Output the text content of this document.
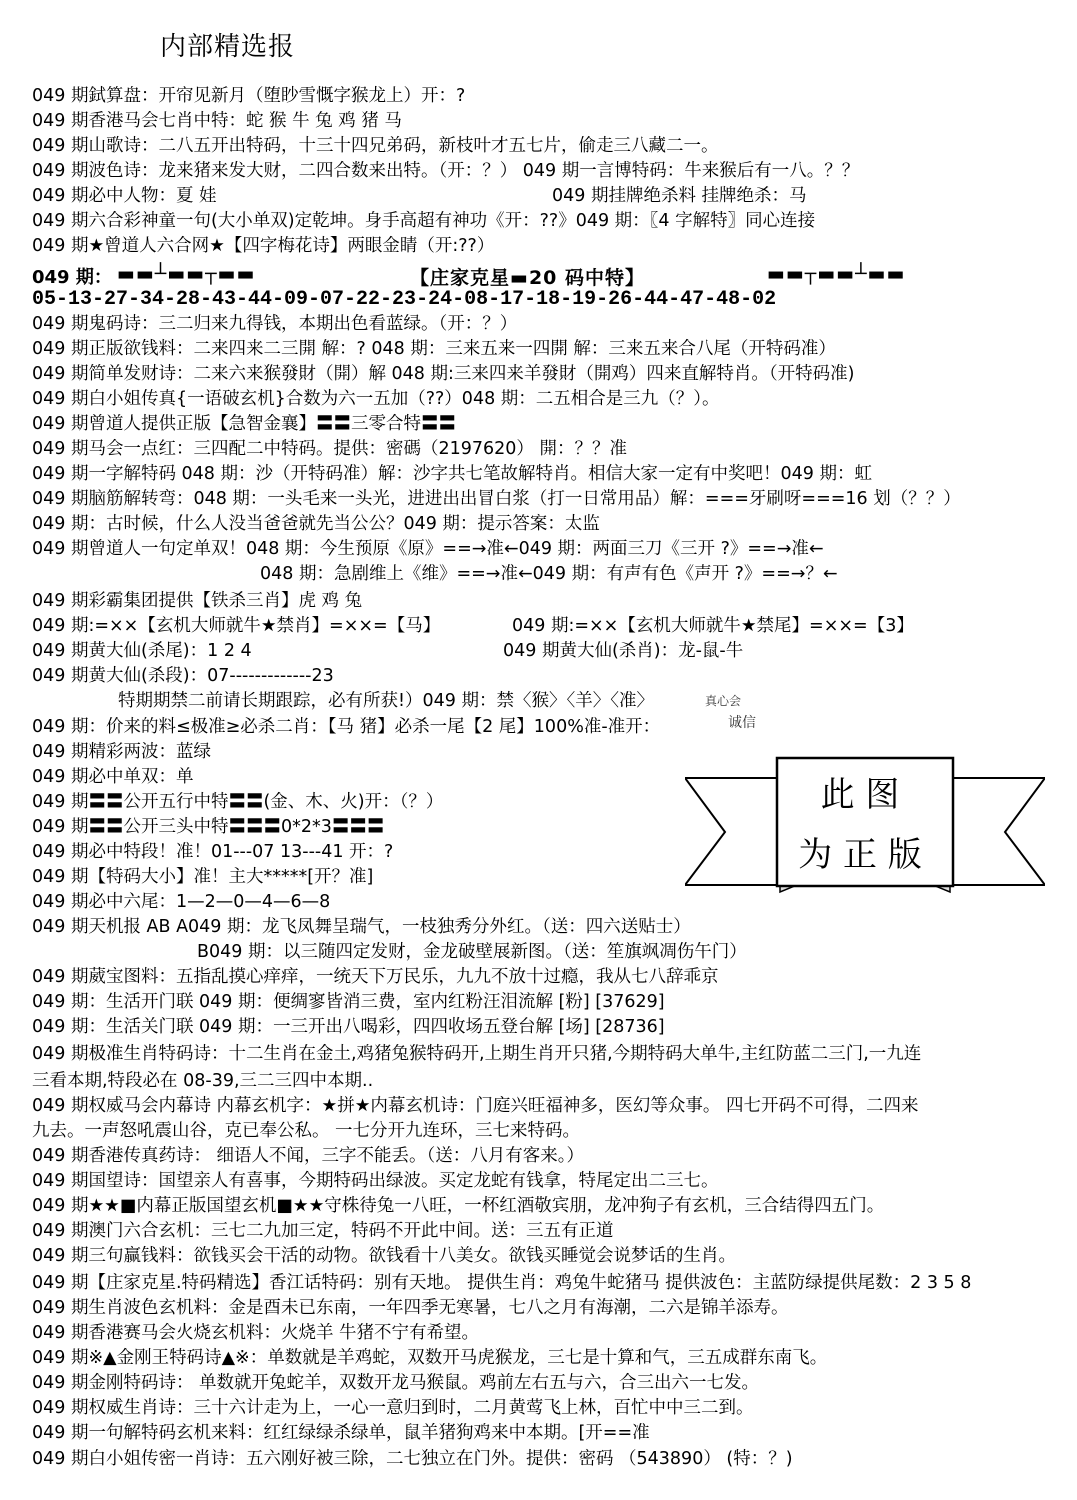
内部精选报
049 期鉽算盘：开帘见新月（堕眇雪慨字猴龙上）开：?
049 期香港马会七肖中特：蛇 猴 牛 兔 鸡 猪 马
049 期山歌诗：二八五开出特码，十三十四兄弟码，新枝叶才五七片，偷走三八藏二一。
049 期波色诗：龙来猪来发大财，二四合数来出特。（开：？） 049 期一言博特码：牛来猴后有一八。？？
049 期必中人物：夏 娃	049 期挂牌绝杀料 挂牌绝杀：马
049 期六合彩神童一句(大小单双)定乾坤。身手高超有神功《开：??》049 期：〖4 字解特〗同心连接
049 期★曾道人六合网★【四字梅花诗】两眼金睛（开:??）
049 期： ▬▬┴▬▬┬▬▬	【庄家克星▬20 码中特】	▬▬┬▬▬┴▬▬
05-13-27-34-28-43-44-09-07-22-23-24-08-17-18-19-26-44-47-48-02
049 期鬼码诗：三二归来九得钱，本期出色看蓝绿。（开：？）
049 期正版欲钱料：二来四来二三開 解：? 048 期：三来五来一四開 解：三来五来合八尾（开特码准）
049 期简单发财诗：二来六来猴發財（開）解 048 期:三来四来羊發財（開鸡）四来直解特肖。（开特码准)
049 期白小姐传真{一语破玄机}合数为六一五加（??）048 期：二五相合是三九（？）。
049 期曾道人提供正版【急智金襄】〓〓三零合特〓〓
049 期马会一点红：三四配二中特码。提供：密碼（2197620） 開：？？准
049 期一字解特码 048 期：沙（开特码准）解：沙字共七笔故解特肖。相信大家一定有中奖吧！049 期：虹
049 期脑筋解转弯：048 期：一头毛来一头光，进进出出冒白浆（打一日常用品）解：===牙刷呀===16 划（？？）
049 期：古时候，什么人没当爸爸就先当公公？049 期：提示答案：太监
049 期曾道人一句定单双！048 期：今生预原《原》==→准←049 期：两面三刀《三开 ?》==→准←
048 期：急剧维上《维》==→准←049 期：有声有色《声开 ?》==→？←
049 期彩霸集团提供【铁杀三肖】虎 鸡 兔
049 期:=××【玄机大师就牛★禁肖】=××=【马】	049 期:=××【玄机大师就牛★禁尾】=××=【3】
049 期黄大仙(杀尾)：1 2 4	049 期黄大仙(杀肖)：龙-鼠-牛
049 期黄大仙(杀段)：07-------------23
特期期禁二前请长期跟踪，必有所获!）049 期：禁〈猴〉〈羊〉〈准〉	真心会
诚信
049 期：价来的料≤极准≥必杀二肖：【马 猪】必杀一尾【2 尾】100%准-准开：
049 期精彩两波：蓝绿
049 期必中单双：单
049 期〓〓公开五行中特〓〓(金、木、火)开：（？）
049 期〓〓公开三头中特〓〓〓0*2*3〓〓〓
049 期必中特段！准！01---07 13---41 开：?
049 期【特码大小】准！主大*****[开？准]
049 期必中六尾：1—2—0—4—6—8
049 期天机报 AB A049 期：龙飞凤舞呈瑞气，一枝独秀分外红。（送：四六送贴士）
B049 期：以三随四定发财，金龙破壁展新图。（送：笙旗飒凋伤午门）
049 期葳宝图料：五指乱摸心痒痒，一统天下万民乐，九九不放十过瘾，我从七八辞乖京
049 期：生活开门联 049 期：便绸寥皆消三费，室内红粉汪泪流解 [粉] [37629]
049 期：生活关门联 049 期：一三开出八喝彩，四四收场五登台解 [场] [28736]
049 期极准生肖特码诗：十二生肖在金土,鸡猪兔猴特码开,上期生肖开只猪,今期特码大单牛,主红防蓝二三门,一九连
三看本期,特段必在 08-39,三二三四中本期..
049 期权威马会内幕诗 内幕玄机字：★拼★内幕玄机诗：门庭兴旺福神多，医幻等众事。 四七开码不可得，二四来
九去。一声怒吼震山谷，克已奉公私。 一七分开九连环，三七来特码。
049 期香港传真药诗： 细语人不闻，三字不能丢。（送：八月有客来。）
049 期国望诗：国望亲人有喜事，今期特码出绿波。买定龙蛇有钱拿，特尾定出二三七。
049 期★★■内幕正版国望玄机■★★守株待兔一八旺，一杯红酒敬宾朋，龙冲狗子有玄机，三合结得四五门。
049 期澳门六合玄机：三七二九加三定，特码不开此中间。送：三五有正道
049 期三句赢钱料：欲钱买会干活的动物。欲钱看十八美女。欲钱买睡觉会说梦话的生肖。
049 期【庄家克星.特码精选】香江话特码：别有天地。 提供生肖：鸡兔牛蛇猪马 提供波色：主蓝防绿提供尾数：2 3 5 8
049 期生肖波色玄机料：金是酉未已东南，一年四季无寒暑，七八之月有海潮，二六是锦羊添寿。
049 期香港赛马会火烧玄机料：火烧羊 牛猪不宁有希望。
049 期※▲金刚王特码诗▲※：单数就是羊鸡蛇，双数开马虎猴龙，三七是十算和气，三五成群东南飞。
049 期金刚特码诗： 单数就开兔蛇羊，双数开龙马猴鼠。鸡前左右五与六，合三出六一七发。
049 期权威生肖诗：三十六计走为上，一心一意归到时，二月黄莺飞上林，百忙中中三二到。
049 期一句解特码玄机来料：红红绿绿杀绿单，鼠羊猪狗鸡来中本期。[开==准
049 期白小姐传密一肖诗：五六刚好被三除，二七独立在门外。提供：密码 （543890） (特：？)
此 图
为 正 版
